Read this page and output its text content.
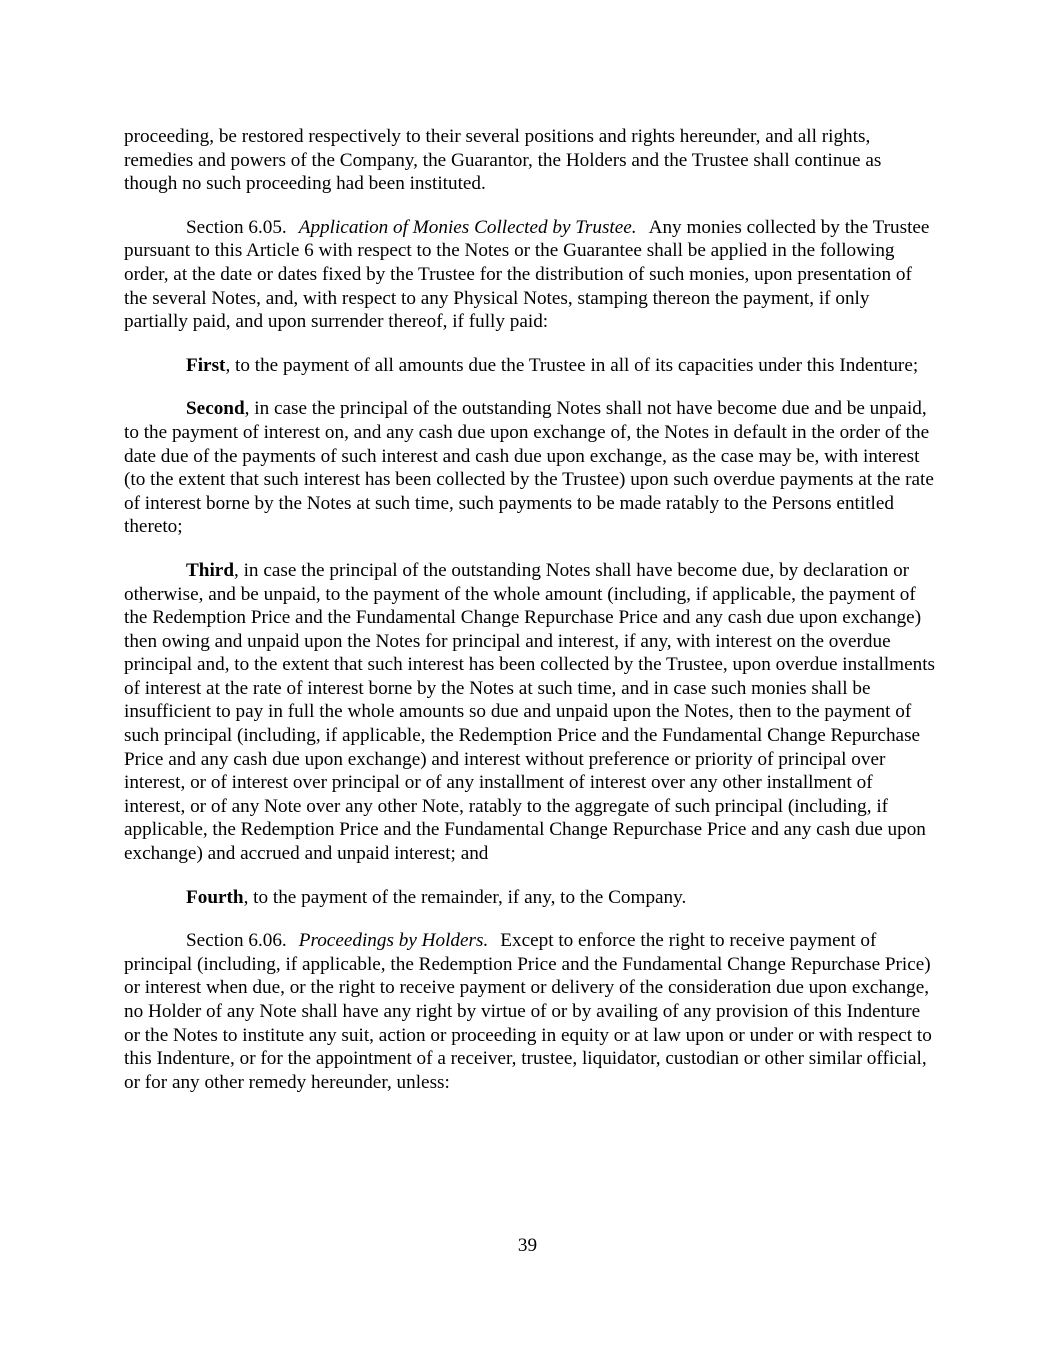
proceeding, be restored respectively to their several positions and rights hereunder, and all rights, remedies and powers of the Company, the Guarantor, the Holders and the Trustee shall continue as though no such proceeding had been instituted.

Section 6.05. Application of Monies Collected by Trustee. Any monies collected by the Trustee pursuant to this Article 6 with respect to the Notes or the Guarantee shall be applied in the following order, at the date or dates fixed by the Trustee for the distribution of such monies, upon presentation of the several Notes, and, with respect to any Physical Notes, stamping thereon the payment, if only partially paid, and upon surrender thereof, if fully paid:

First, to the payment of all amounts due the Trustee in all of its capacities under this Indenture;

Second, in case the principal of the outstanding Notes shall not have become due and be unpaid, to the payment of interest on, and any cash due upon exchange of, the Notes in default in the order of the date due of the payments of such interest and cash due upon exchange, as the case may be, with interest (to the extent that such interest has been collected by the Trustee) upon such overdue payments at the rate of interest borne by the Notes at such time, such payments to be made ratably to the Persons entitled thereto;

Third, in case the principal of the outstanding Notes shall have become due, by declaration or otherwise, and be unpaid, to the payment of the whole amount (including, if applicable, the payment of the Redemption Price and the Fundamental Change Repurchase Price and any cash due upon exchange) then owing and unpaid upon the Notes for principal and interest, if any, with interest on the overdue principal and, to the extent that such interest has been collected by the Trustee, upon overdue installments of interest at the rate of interest borne by the Notes at such time, and in case such monies shall be insufficient to pay in full the whole amounts so due and unpaid upon the Notes, then to the payment of such principal (including, if applicable, the Redemption Price and the Fundamental Change Repurchase Price and any cash due upon exchange) and interest without preference or priority of principal over interest, or of interest over principal or of any installment of interest over any other installment of interest, or of any Note over any other Note, ratably to the aggregate of such principal (including, if applicable, the Redemption Price and the Fundamental Change Repurchase Price and any cash due upon exchange) and accrued and unpaid interest; and

Fourth, to the payment of the remainder, if any, to the Company.

Section 6.06. Proceedings by Holders. Except to enforce the right to receive payment of principal (including, if applicable, the Redemption Price and the Fundamental Change Repurchase Price) or interest when due, or the right to receive payment or delivery of the consideration due upon exchange, no Holder of any Note shall have any right by virtue of or by availing of any provision of this Indenture or the Notes to institute any suit, action or proceeding in equity or at law upon or under or with respect to this Indenture, or for the appointment of a receiver, trustee, liquidator, custodian or other similar official, or for any other remedy hereunder, unless:

39
